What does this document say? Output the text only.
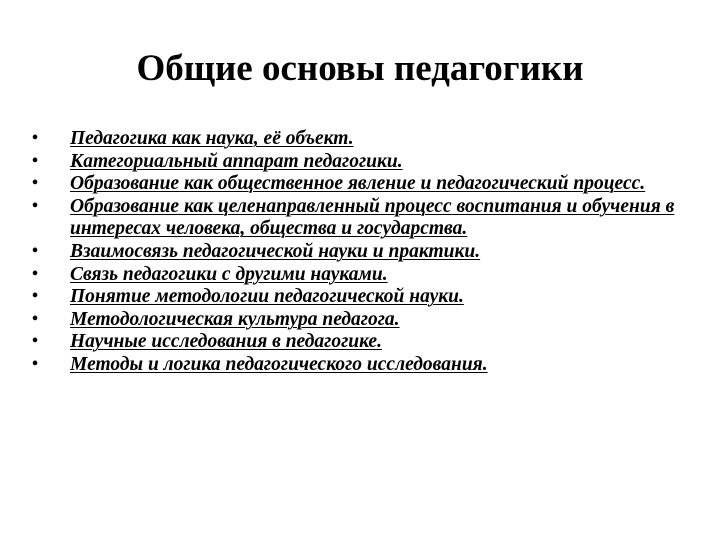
Общие основы педагогики
• Педагогика как наука, её объект.
• Категориальный аппарат педагогики.
• Образование как общественное явление и педагогический процесс.
• Образование как целенаправленный процесс воспитания и обучения в интересах человека, общества и государства.
• Взаимосвязь педагогической науки и практики.
• Связь педагогики с другими науками.
• Понятие методологии педагогической науки.
• Методологическая культура педагога.
• Научные исследования в педагогике.
• Методы и логика педагогического исследования.
